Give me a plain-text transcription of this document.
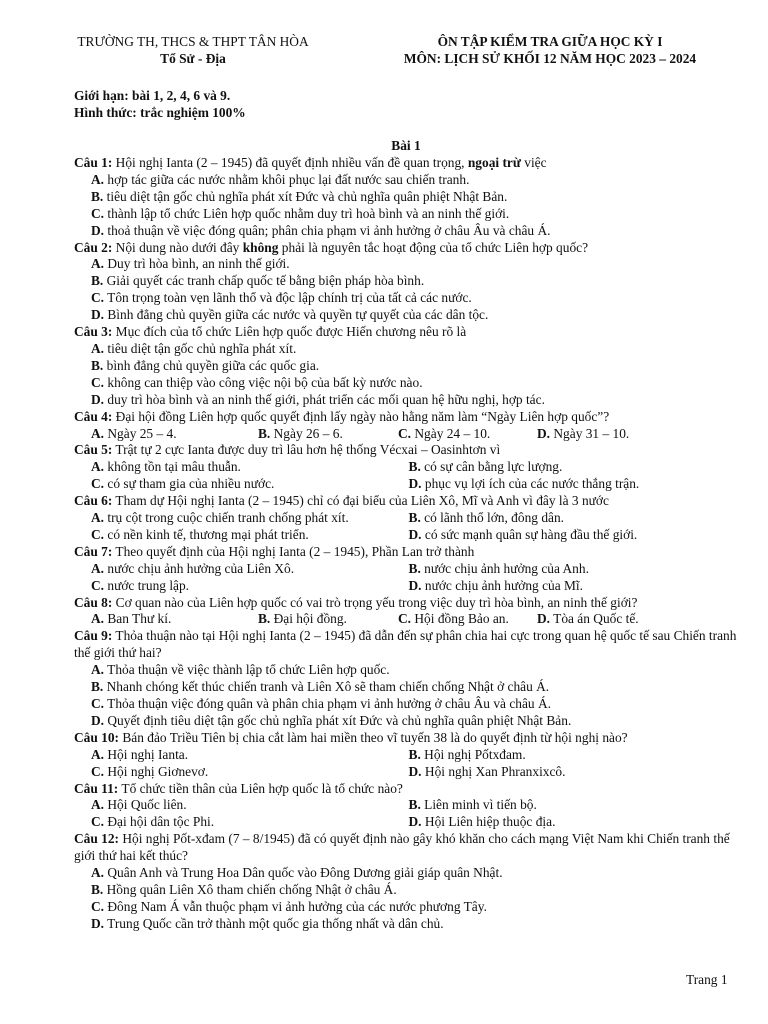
TRƯỜNG TH, THCS & THPT TÂN HÒA
Tổ Sử - Địa
ÔN TẬP KIỂM TRA GIỮA HỌC KỲ I
MÔN: LỊCH SỬ KHỐI 12 NĂM HỌC 2023 – 2024
Giới hạn: bài 1, 2, 4, 6 và 9.
Hình thức: trắc nghiệm 100%
Bài 1
Câu 1: Hội nghị Ianta (2 – 1945) đã quyết định nhiều vấn đề quan trọng, ngoại trừ việc
A. hợp tác giữa các nước nhằm khôi phục lại đất nước sau chiến tranh.
B. tiêu diệt tận gốc chủ nghĩa phát xít Đức và chủ nghĩa quân phiệt Nhật Bản.
C. thành lập tổ chức Liên hợp quốc nhằm duy trì hoà bình và an ninh thế giới.
D. thoả thuận về việc đóng quân; phân chia phạm vi ảnh hưởng ở châu Âu và châu Á.
Câu 2: Nội dung nào dưới đây không phải là nguyên tắc hoạt động của tổ chức Liên hợp quốc?
A. Duy trì hòa bình, an ninh thế giới.
B. Giải quyết các tranh chấp quốc tế bằng biện pháp hòa bình.
C. Tôn trọng toàn vẹn lãnh thổ và độc lập chính trị của tất cả các nước.
D. Bình đẳng chủ quyền giữa các nước và quyền tự quyết của các dân tộc.
Câu 3: Mục đích của tổ chức Liên hợp quốc được Hiến chương nêu rõ là
A. tiêu diệt tận gốc chủ nghĩa phát xít.
B. bình đẳng chủ quyền giữa các quốc gia.
C. không can thiệp vào công việc nội bộ của bất kỳ nước nào.
D. duy trì hòa bình và an ninh thế giới, phát triển các mối quan hệ hữu nghị, hợp tác.
Câu 4: Đại hội đồng Liên hợp quốc quyết định lấy ngày nào hằng năm làm “Ngày Liên hợp quốc”?
A. Ngày 25 – 4.	B. Ngày 26 – 6.	C. Ngày 24 – 10.	D. Ngày 31 – 10.
Câu 5: Trật tự 2 cực Ianta được duy trì lâu hơn hệ thống Vécxai – Oasinhtơn vì
A. không tồn tại mâu thuẫn.	B. có sự cân bằng lực lượng.
C. có sự tham gia của nhiều nước.	D. phục vụ lợi ích của các nước thắng trận.
Câu 6: Tham dự Hội nghị Ianta (2 – 1945) chỉ có đại biểu của Liên Xô, Mĩ và Anh vì đây là 3 nước
A. trụ cột trong cuộc chiến tranh chống phát xít.	B. có lãnh thổ lớn, đông dân.
C. có nền kinh tế, thương mại phát triển.	D. có sức mạnh quân sự hàng đầu thế giới.
Câu 7: Theo quyết định của Hội nghị Ianta (2 – 1945), Phần Lan trở thành
A. nước chịu ảnh hưởng của Liên Xô.	B. nước chịu ảnh hưởng của Anh.
C. nước trung lập.	D. nước chịu ảnh hưởng của Mĩ.
Câu 8: Cơ quan nào của Liên hợp quốc có vai trò trọng yếu trong việc duy trì hòa bình, an ninh thế giới?
A. Ban Thư kí.	B. Đại hội đồng.	C. Hội đồng Bảo an.	D. Tòa án Quốc tế.
Câu 9: Thỏa thuận nào tại Hội nghị Ianta (2 – 1945) đã dẫn đến sự phân chia hai cực trong quan hệ quốc tế sau Chiến tranh thế giới thứ hai?
A. Thỏa thuận về việc thành lập tổ chức Liên hợp quốc.
B. Nhanh chóng kết thúc chiến tranh và Liên Xô sẽ tham chiến chống Nhật ở châu Á.
C. Thỏa thuận việc đóng quân và phân chia phạm vi ảnh hưởng ở châu Âu và châu Á.
D. Quyết định tiêu diệt tận gốc chủ nghĩa phát xít Đức và chủ nghĩa quân phiệt Nhật Bản.
Câu 10: Bán đảo Triều Tiên bị chia cắt làm hai miền theo vĩ tuyến 38 là do quyết định từ hội nghị nào?
A. Hội nghị Ianta.	B. Hội nghị Pốtxđam.
C. Hội nghị Giơnevơ.	D. Hội nghị Xan Phranxixcô.
Câu 11: Tổ chức tiền thân của Liên hợp quốc là tổ chức nào?
A. Hội Quốc liên.	B. Liên minh vì tiến bộ.
C. Đại hội dân tộc Phi.	D. Hội Liên hiệp thuộc địa.
Câu 12: Hội nghị Pốt-xđam (7 – 8/1945) đã có quyết định nào gây khó khăn cho cách mạng Việt Nam khi Chiến tranh thế giới thứ hai kết thúc?
A. Quân Anh và Trung Hoa Dân quốc vào Đông Dương giải giáp quân Nhật.
B. Hồng quân Liên Xô tham chiến chống Nhật ở châu Á.
C. Đông Nam Á vẫn thuộc phạm vi ảnh hưởng của các nước phương Tây.
D. Trung Quốc cần trở thành một quốc gia thống nhất và dân chủ.
Trang 1
